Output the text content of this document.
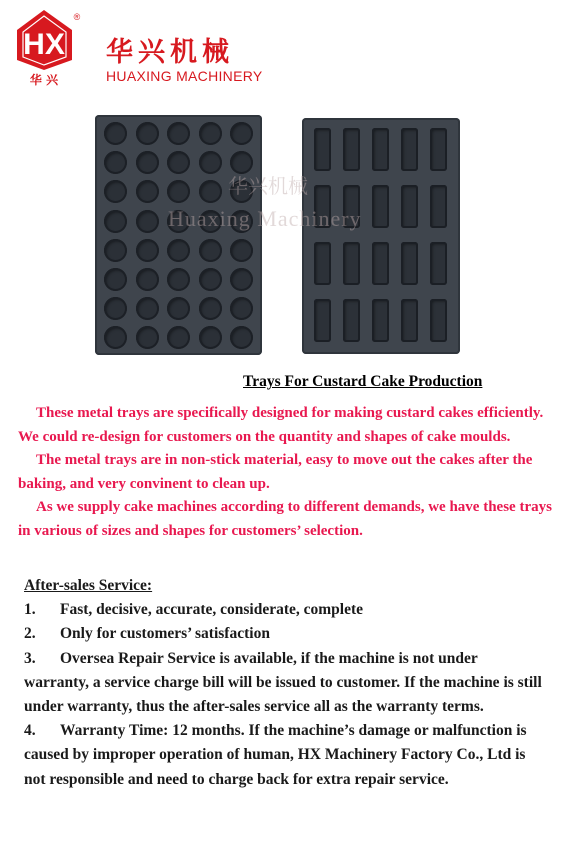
HX
®
华 兴
华兴机械
HUAXING MACHINERY
华兴机械
Huaxing Machinery
Trays For Custard Cake Production

These metal trays are specifically designed for making custard cakes efficiently. We could re-design for customers on the quantity and shapes of cake moulds.

The metal trays are in non-stick material, easy to move out the cakes after the baking, and very convinent to clean up.

As we supply cake machines according to different demands, we have these trays in various of sizes and shapes for customers’ selection.

After-sales Service:

1. Fast, decisive, accurate, considerate, complete
2. Only for customers’ satisfaction
3. Oversea Repair Service is available, if the machine is not under warranty, a service charge bill will be issued to customer. If the machine is still under warranty, thus the after-sales service all as the warranty terms.
4. Warranty Time: 12 months. If the machine’s damage or malfunction is caused by improper operation of human, HX Machinery Factory Co., Ltd is not responsible and need to charge back for extra repair service.
